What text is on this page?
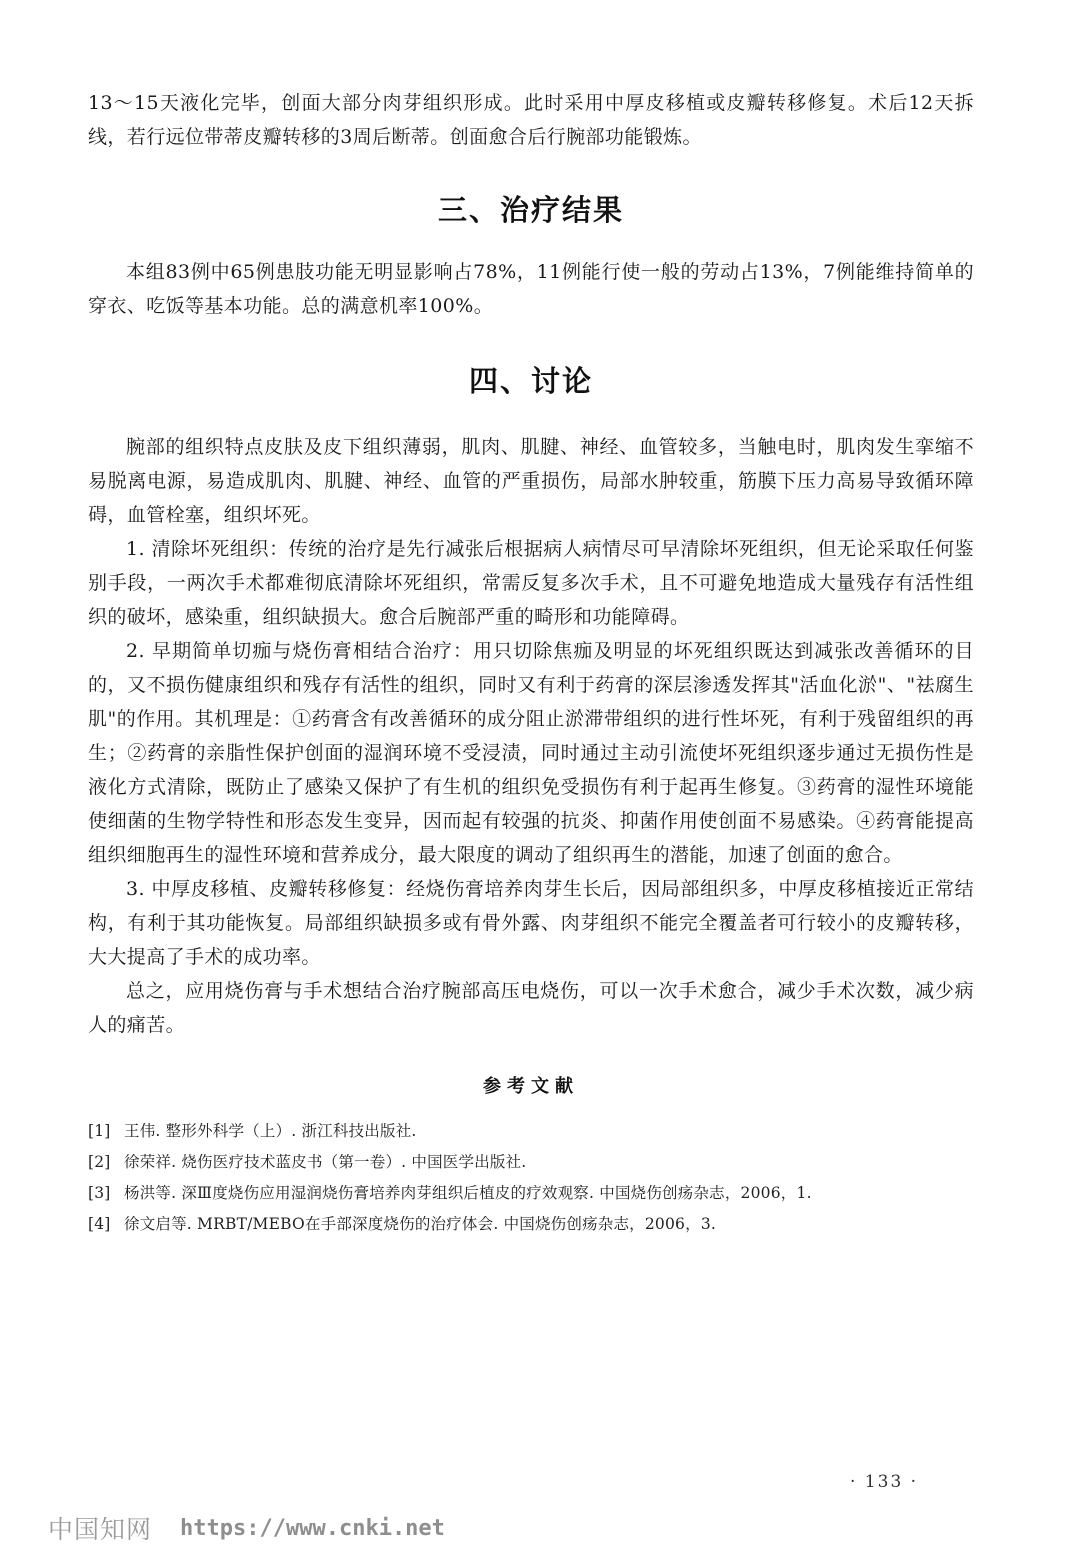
13～15天液化完毕，创面大部分肉芽组织形成。此时采用中厚皮移植或皮瓣转移修复。术后12天拆线，若行远位带蒂皮瓣转移的3周后断蒂。创面愈合后行腕部功能锻炼。

三、治疗结果

本组83例中65例患肢功能无明显影响占78%，11例能行使一般的劳动占13%，7例能维持简单的穿衣、吃饭等基本功能。总的满意机率100%。

四、讨论

腕部的组织特点皮肤及皮下组织薄弱，肌肉、肌腱、神经、血管较多，当触电时，肌肉发生挛缩不易脱离电源，易造成肌肉、肌腱、神经、血管的严重损伤，局部水肿较重，筋膜下压力高易导致循环障碍，血管栓塞，组织坏死。

1. 清除坏死组织：传统的治疗是先行减张后根据病人病情尽可早清除坏死组织，但无论采取任何鉴别手段，一两次手术都难彻底清除坏死组织，常需反复多次手术，且不可避免地造成大量残存有活性组织的破坏，感染重，组织缺损大。愈合后腕部严重的畸形和功能障碍。

2. 早期简单切痂与烧伤膏相结合治疗：用只切除焦痂及明显的坏死组织既达到减张改善循环的目的，又不损伤健康组织和残存有活性的组织，同时又有利于药膏的深层渗透发挥其"活血化淤"、"祛腐生肌"的作用。其机理是：①药膏含有改善循环的成分阻止淤滞带组织的进行性坏死，有利于残留组织的再生；②药膏的亲脂性保护创面的湿润环境不受浸渍，同时通过主动引流使坏死组织逐步通过无损伤性是液化方式清除，既防止了感染又保护了有生机的组织免受损伤有利于起再生修复。③药膏的湿性环境能使细菌的生物学特性和形态发生变异，因而起有较强的抗炎、抑菌作用使创面不易感染。④药膏能提高组织细胞再生的湿性环境和营养成分，最大限度的调动了组织再生的潜能，加速了创面的愈合。

3. 中厚皮移植、皮瓣转移修复：经烧伤膏培养肉芽生长后，因局部组织多，中厚皮移植接近正常结构，有利于其功能恢复。局部组织缺损多或有骨外露、肉芽组织不能完全覆盖者可行较小的皮瓣转移，大大提高了手术的成功率。

总之，应用烧伤膏与手术想结合治疗腕部高压电烧伤，可以一次手术愈合，减少手术次数，减少病人的痛苦。

参考文献
[1] 王伟. 整形外科学（上）. 浙江科技出版社.
[2] 徐荣祥. 烧伤医疗技术蓝皮书（第一卷）. 中国医学出版社.
[3] 杨洪等. 深Ⅲ度烧伤应用湿润烧伤膏培养肉芽组织后植皮的疗效观察. 中国烧伤创疡杂志，2006，1.
[4] 徐文启等. MRBT/MEBO在手部深度烧伤的治疗体会. 中国烧伤创疡杂志，2006，3.
· 133 ·
中国知网 https://www.cnki.net
